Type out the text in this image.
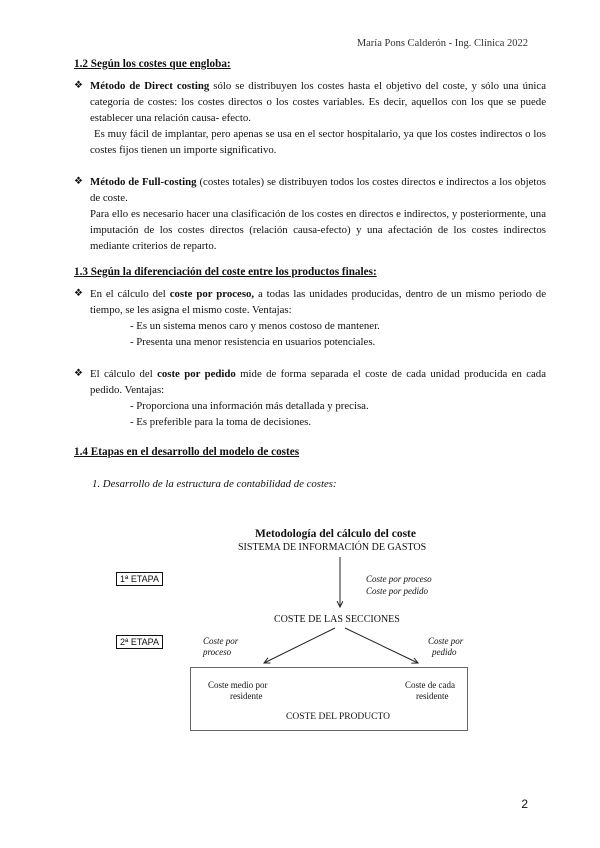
María Pons Calderón - Ing. Clínica 2022

1.2 Según los costes que engloba:

❖ Método de Direct costing sólo se distribuyen los costes hasta el objetivo del coste, y sólo una única categoría de costes: los costes directos o los costes variables. Es decir, aquellos con los que se puede establecer una relación causa- efecto.

Es muy fácil de implantar, pero apenas se usa en el sector hospitalario, ya que los costes indirectos o los costes fijos tienen un importe significativo.

❖ Método de Full-costing (costes totales) se distribuyen todos los costes directos e indirectos a los objetos de coste.

Para ello es necesario hacer una clasificación de los costes en directos e indirectos, y posteriormente, una imputación de los costes directos (relación causa-efecto) y una afectación de los costes indirectos mediante criterios de reparto.

1.3 Según la diferenciación del coste entre los productos finales:

❖ En el cálculo del coste por proceso, a todas las unidades producidas, dentro de un mismo periodo de tiempo, se les asigna el mismo coste. Ventajas:

- Es un sistema menos caro y menos costoso de mantener.

- Presenta una menor resistencia en usuarios potenciales.

❖ El cálculo del coste por pedido mide de forma separada el coste de cada unidad producida en cada pedido. Ventajas:

- Proporciona una información más detallada y precisa.

- Es preferible para la toma de decisiones.

1.4 Etapas en el desarrollo del modelo de costes

1. Desarrollo de la estructura de contabilidad de costes:

Metodología del cálculo del coste
SISTEMA DE INFORMACIÓN DE GASTOS
1ª ETAPA
2ª ETAPA
Coste por proceso
Coste por pedido
COSTE DE LAS SECCIONES
Coste por
proceso
Coste por
pedido
Coste medio por
residente
Coste de cada
residente
COSTE DEL PRODUCTO
2
